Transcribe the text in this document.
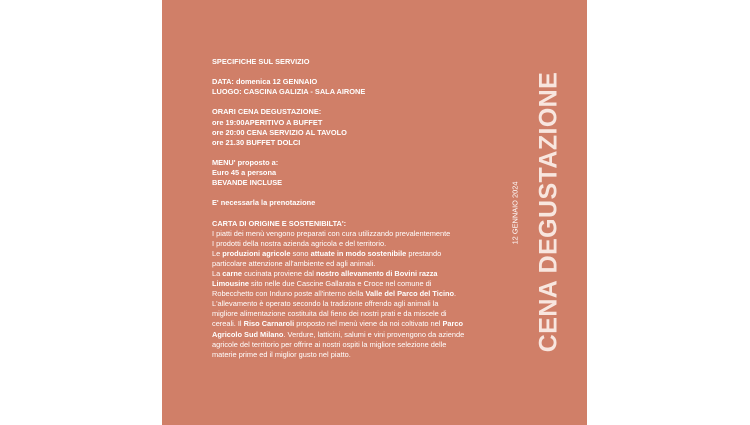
SPECIFICHE SUL SERVIZIO
DATA: domenica 12 GENNAIO
LUOGO: CASCINA GALIZIA - SALA AIRONE
ORARI CENA DEGUSTAZIONE:
ore 19:00APERITIVO A BUFFET
ore 20:00 CENA SERVIZIO AL TAVOLO
ore 21.30 BUFFET DOLCI
MENU' proposto a:
Euro 45 a persona
BEVANDE INCLUSE
E' necessarla la prenotazione
CARTA DI ORIGINE E SOSTENIBILTA':
I piatti dei menù vengono preparati con cura utilizzando prevalentemente
I prodotti della nostra azienda agricola e del territorio.
Le produzioni agricole sono attuate in modo sostenibile prestando
particolare attenzione all'ambiente ed agli animali.
La carne cucinata proviene dal nostro allevamento di Bovini razza
Limousine sito nelle due Cascine Gallarata e Croce nel comune di
Robecchetto con Induno poste all'interno della Valle del Parco del Ticino.
L'allevamento è operato secondo la tradizione offrendo agli animali la
migliore alimentazione costituita dal fieno dei nostri prati e da miscele di
cereali. Il Riso Carnaroli proposto nel menù viene da noi coltivato nel Parco
Agricolo Sud Milano. Verdure, latticini, salumi e vini provengono da aziende
agricole del territorio per offrire ai nostri ospiti la migliore selezione delle
materie prime ed il miglior gusto nel piatto.
12 GENNAIO 2024 CENA DEGUSTAZIONE
